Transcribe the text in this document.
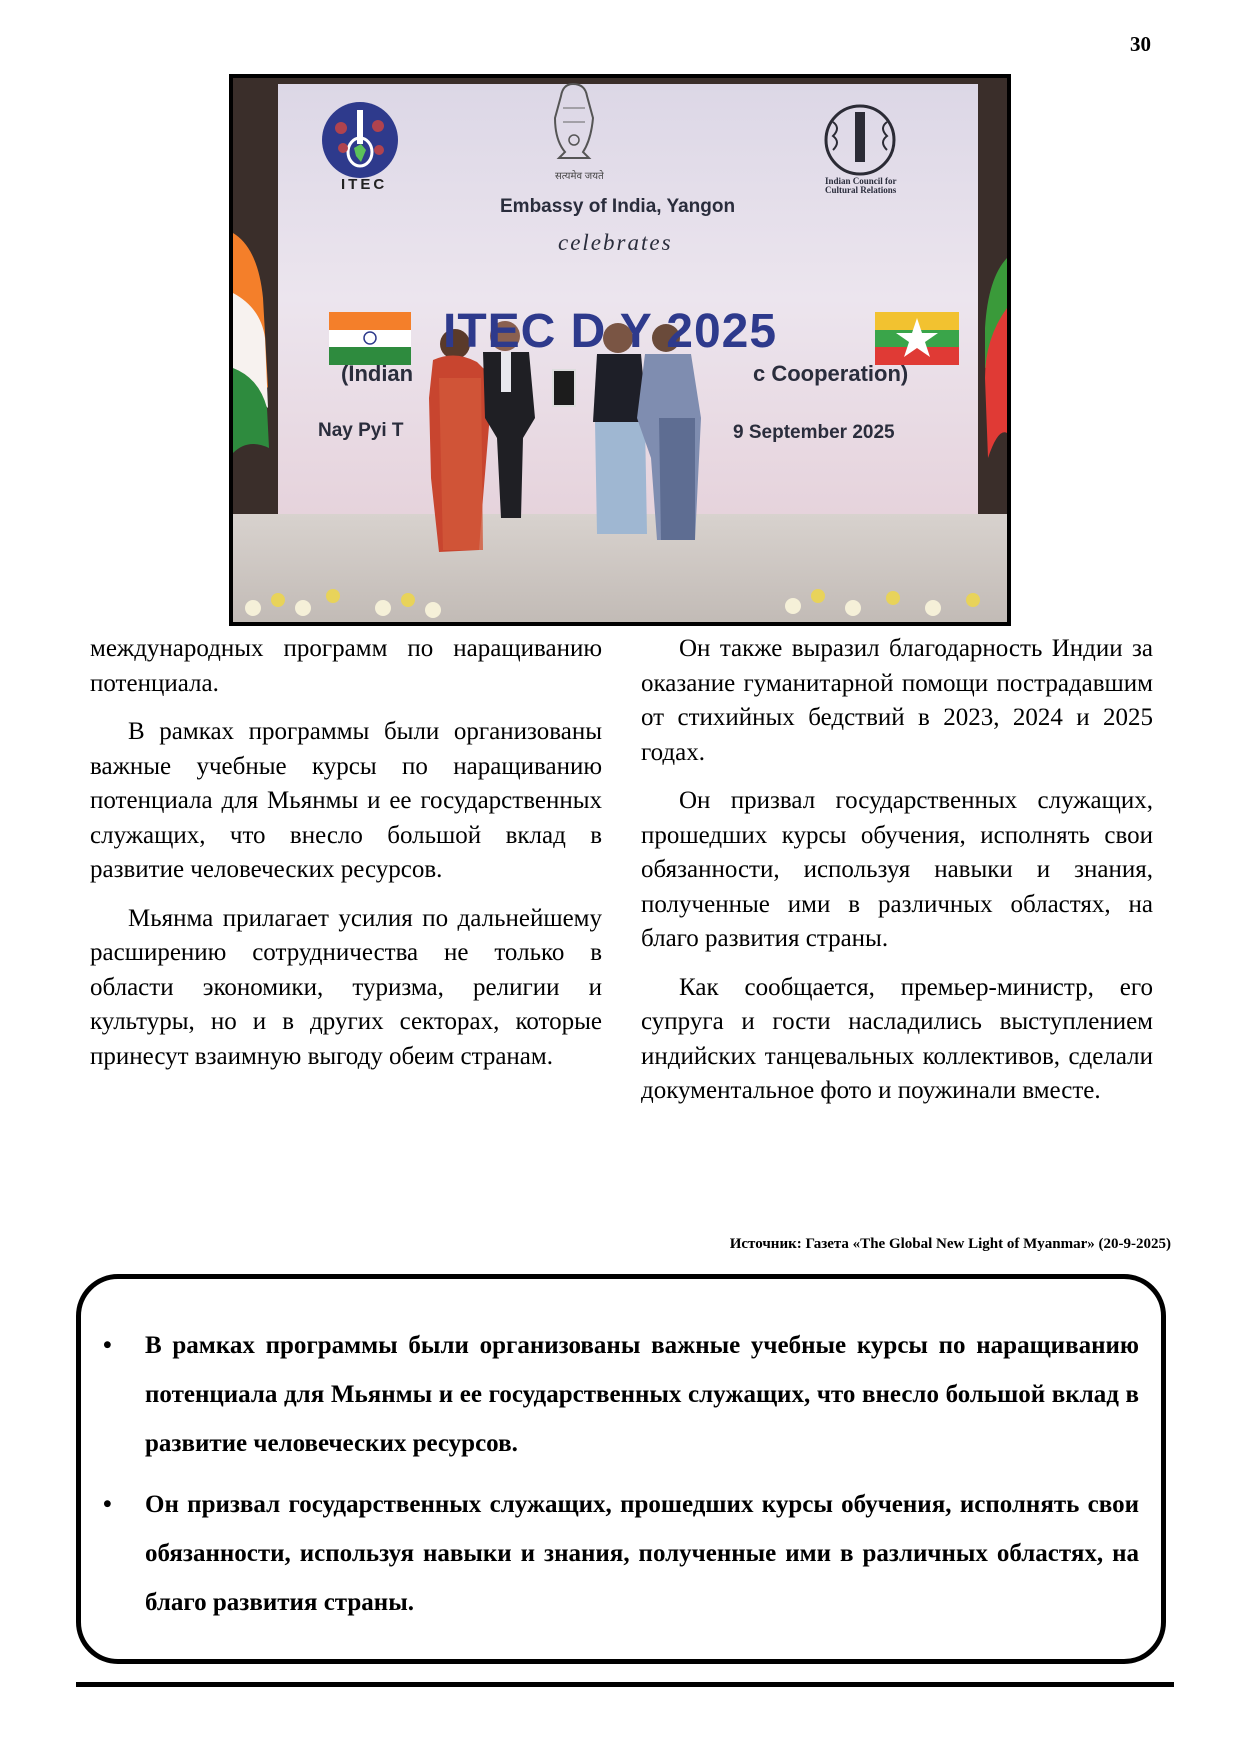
30
ITEC	सत्यमेव जयते	Indian Council for
Cultural Relations
Embassy of India, Yangon
celebrates
ITEC D Y 2025
(Indian	c Cooperation)
Nay Pyi T	9 September 2025

международных программ по наращиванию потенциала.

В рамках программы были организованы важные учебные курсы по наращиванию потенциала для Мьянмы и ее государственных служащих, что внесло большой вклад в развитие человеческих ресурсов.

Мьянма прилагает усилия по дальнейшему расширению сотрудничества не только в области экономики, туризма, религии и культуры, но и в других секторах, которые принесут взаимную выгоду обеим странам.

Он также выразил благодарность Индии за оказание гуманитарной помощи пострадавшим от стихийных бедствий в 2023, 2024 и 2025 годах.

Он призвал государственных служащих, прошедших курсы обучения, исполнять свои обязанности, используя навыки и знания, полученные ими в различных областях, на благо развития страны.

Как сообщается, премьер-министр, его супруга и гости насладились выступлением индийских танцевальных коллективов, сделали документальное фото и поужинали вместе.

Источник: Газета «The Global New Light of Myanmar» (20-9-2025)
• В рамках программы были организованы важные учебные курсы по наращиванию потенциала для Мьянмы и ее государственных служащих, что внесло большой вклад в развитие человеческих ресурсов.
• Он призвал государственных служащих, прошедших курсы обучения, исполнять свои обязанности, используя навыки и знания, полученные ими в различных областях, на благо развития страны.
